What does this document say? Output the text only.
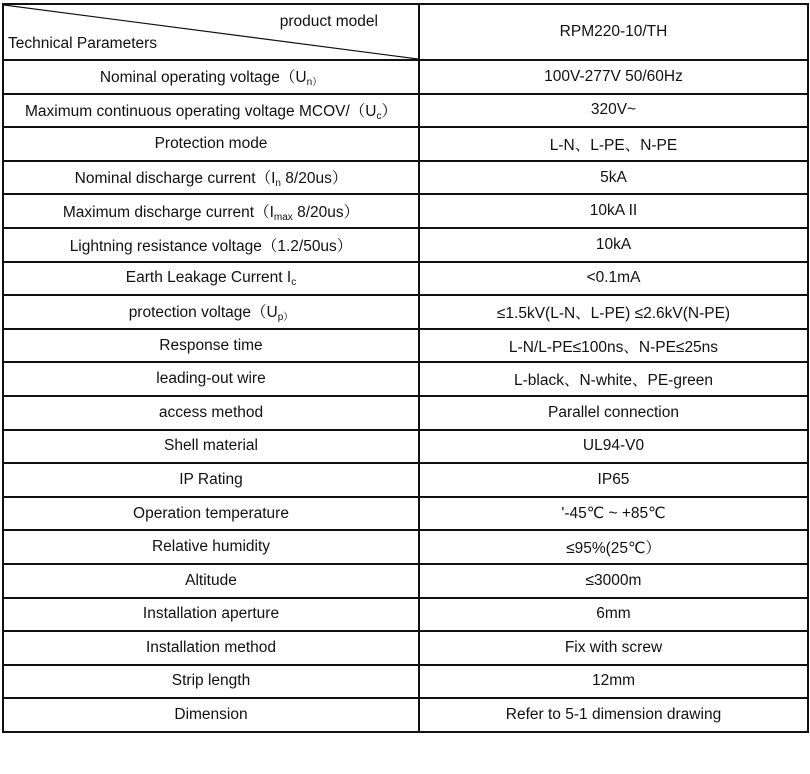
product model
Technical Parameters	RPM220-10/TH
Nominal operating $voltage(U_{n)}$	100V-277V 50/60Hz
Maximum continuous operating voltage MCOV/$(U_c)$	320V~
Protection mode	L-N、L-PE、N-PE
Nominal discharge $current(I_n$ 8/20us）	5kA
Maximum discharge $current(I_{max}$ 8/20us）	10kA II
Lightning resistance voltage（1.2/50us）	10kA
Earth Leakage Current $I_c$	<0.1mA
protection $voltage(U_{p)}$	≤1.5kV(L-N、L-PE) ≤2.6kV(N-PE)
Response time	L-N/L-PE≤100ns、N-PE≤25ns
leading-out wire	L-black、N-white、PE-green
access method	Parallel connection
Shell material	UL94-V0
IP Rating	IP65
Operation temperature	'-45℃ ~ +85℃
Relative humidity	≤95%(25℃）
Altitude	≤3000m
Installation aperture	6mm
Installation method	Fix with screw
Strip length	12mm
Dimension	Refer to 5-1 dimension drawing
